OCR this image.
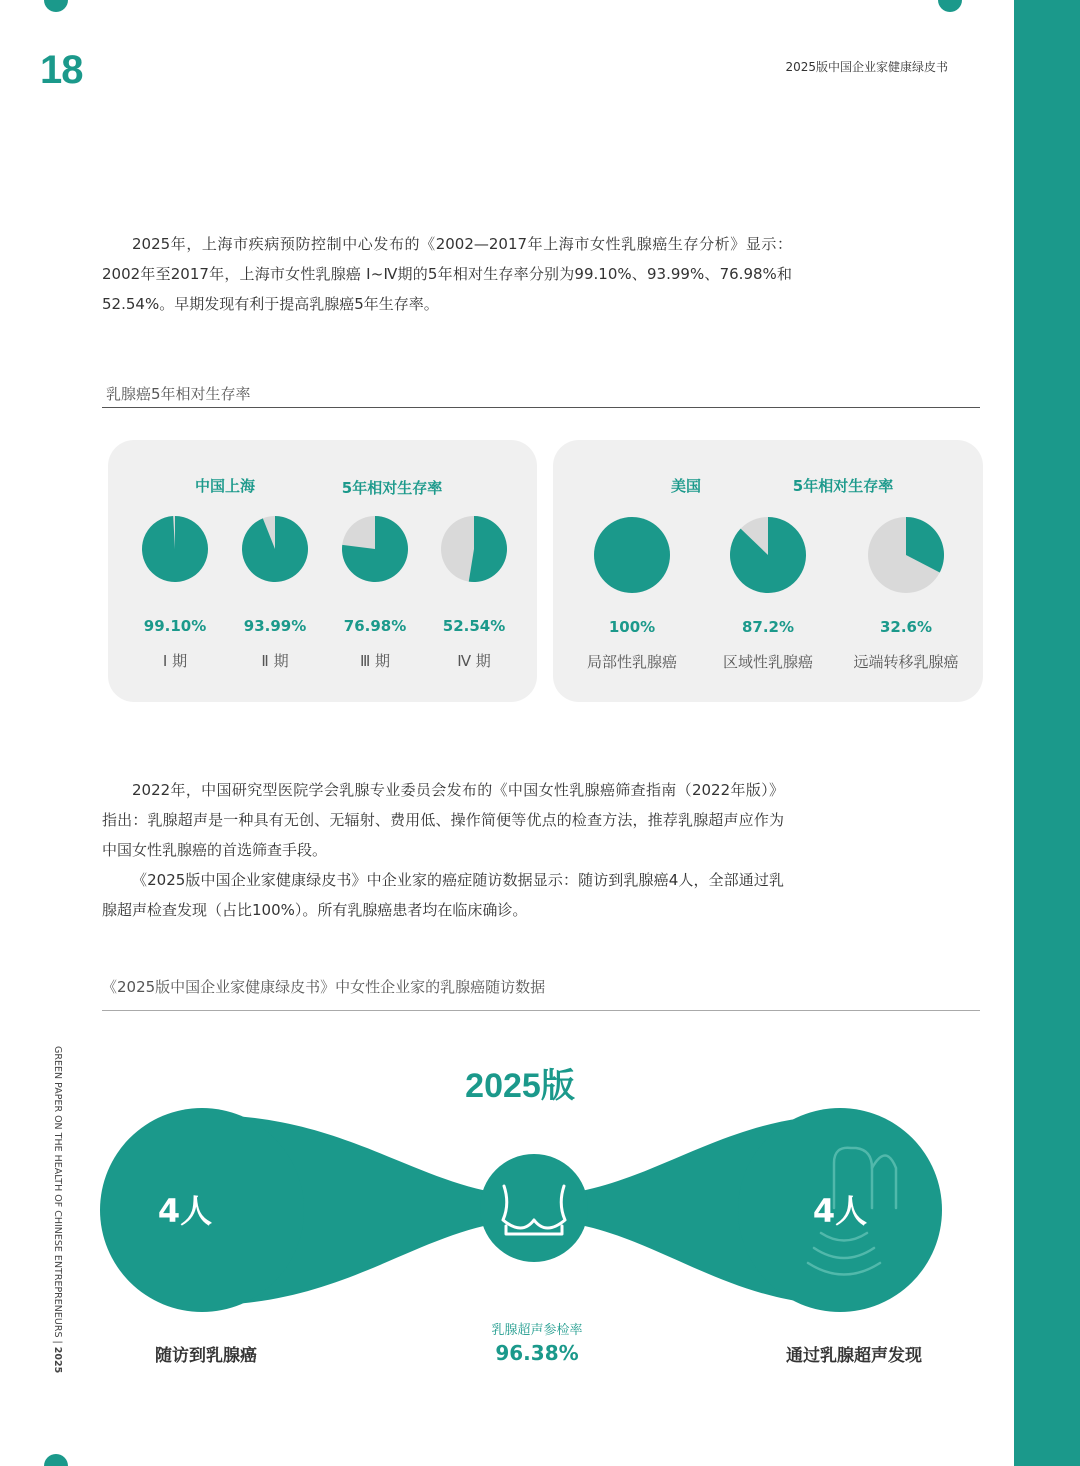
18	2025版中国企业家健康绿皮书

2025年，上海市疾病预防控制中心发布的《2002—2017年上海市女性乳腺癌生存分析》显示：2002年至2017年，上海市女性乳腺癌 Ⅰ~Ⅳ期的5年相对生存率分别为99.10%、93.99%、76.98%和 52.54%。早期发现有利于提高乳腺癌5年生存率。

乳腺癌5年相对生存率
中国上海	5年相对生存率
99.10%	93.99%	76.98% 52.54%
Ⅰ 期	Ⅱ 期	Ⅲ 期	Ⅳ 期
美国	5年相对生存率
100%	87.2%	32.6%
局部性乳腺癌	区域性乳腺癌	远端转移乳腺癌

2022年，中国研究型医院学会乳腺专业委员会发布的《中国女性乳腺癌筛查指南（2022年版）》指出：乳腺超声是一种具有无创、无辐射、费用低、操作简便等优点的检查方法，推荐乳腺超声应作为中国女性乳腺癌的首选筛查手段。

《2025版中国企业家健康绿皮书》中企业家的癌症随访数据显示：随访到乳腺癌4人，全部通过乳腺超声检查发现（占比100%）。所有乳腺癌患者均在临床确诊。

《2025版中国企业家健康绿皮书》中女性企业家的乳腺癌随访数据
2025版
4人	4人
随访到乳腺癌	通过乳腺超声发现
乳腺超声参检率
96.38%
GREEN PAPER ON THE HEALTH OF CHINESE ENTREPRENEURS | 2025
